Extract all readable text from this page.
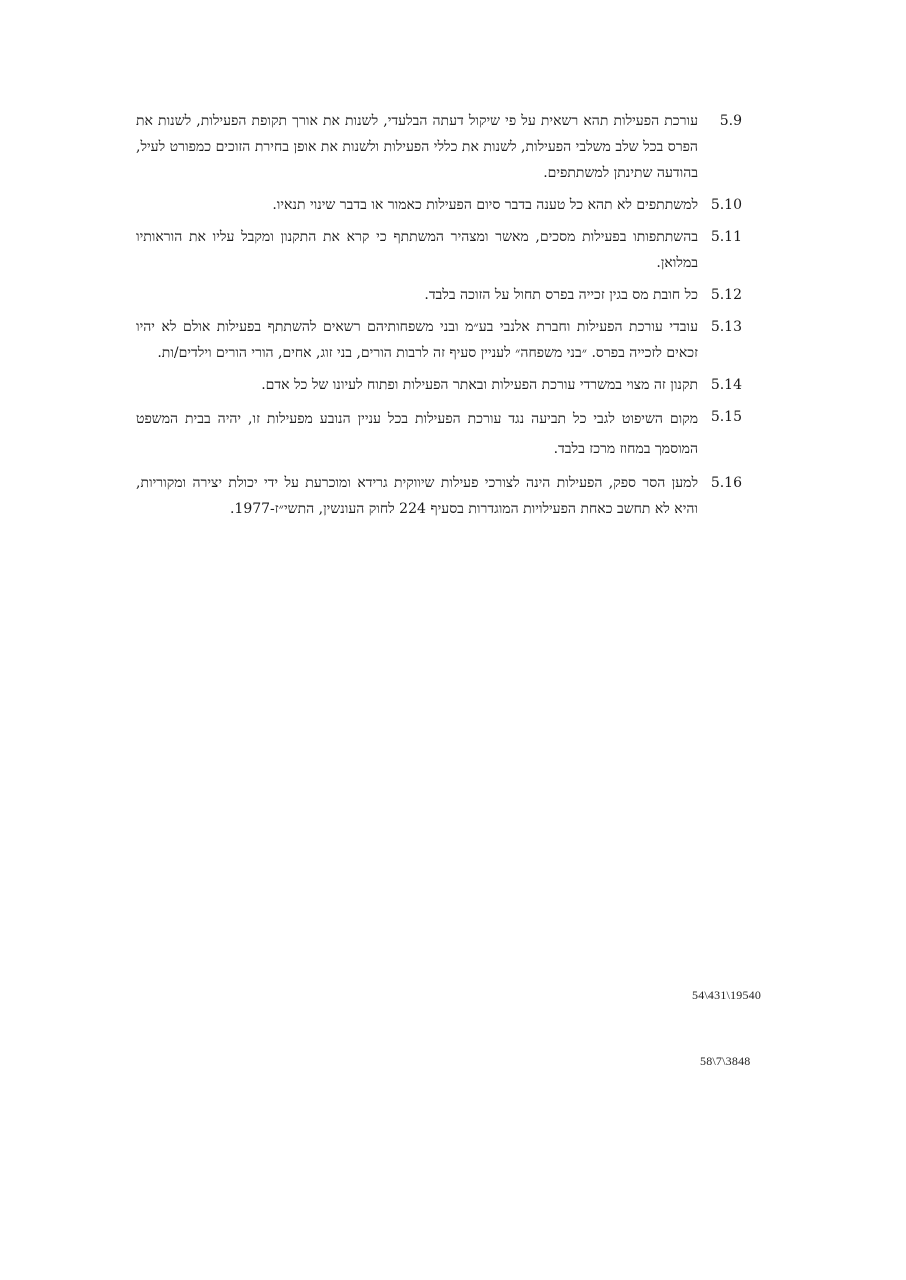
5.9
עורכת הפעילות תהא רשאית על פי שיקול דעתה הבלעדי, לשנות את אורך תקופת הפעילות, לשנות את הפרס בכל שלב משלבי הפעילות, לשנות את כללי הפעילות ולשנות את אופן בחירת הזוכים כמפורט לעיל, בהודעה שתינתן למשתתפים.
5.10
למשתתפים לא תהא כל טענה בדבר סיום הפעילות כאמור או בדבר שינוי תנאיו.
5.11
בהשתתפותו בפעילות מסכים, מאשר ומצהיר המשתתף כי קרא את התקנון ומקבל עליו את הוראותיו במלואן.
5.12
כל חובת מס בגין זכייה בפרס תחול על הזוכה בלבד.
5.13
עובדי עורכת הפעילות וחברת אלנבי בע״מ ובני משפחותיהם רשאים להשתתף בפעילות אולם לא יהיו זכאים לזכייה בפרס. ״בני משפחה״ לעניין סעיף זה לרבות הורים, בני זוג, אחים, הורי הורים וילדים/ות.
5.14
תקנון זה מצוי במשרדי עורכת הפעילות ובאתר הפעילות ופתוח לעיונו של כל אדם.
5.15
מקום השיפוט לגבי כל תביעה נגד עורכת הפעילות בכל עניין הנובע מפעילות זו, יהיה בבית המשפט המוסמך במחוז מרכז בלבד.
5.16
למען הסר ספק, הפעילות הינה לצורכי פעילות שיווקית גרידא ומוכרעת על ידי יכולת יצירה ומקוריות, והיא לא תחשב כאחת הפעילויות המוגדרות בסעיף 224 לחוק העונשין, התשי״ז-1977.
54\431\19540
58\7\3848
